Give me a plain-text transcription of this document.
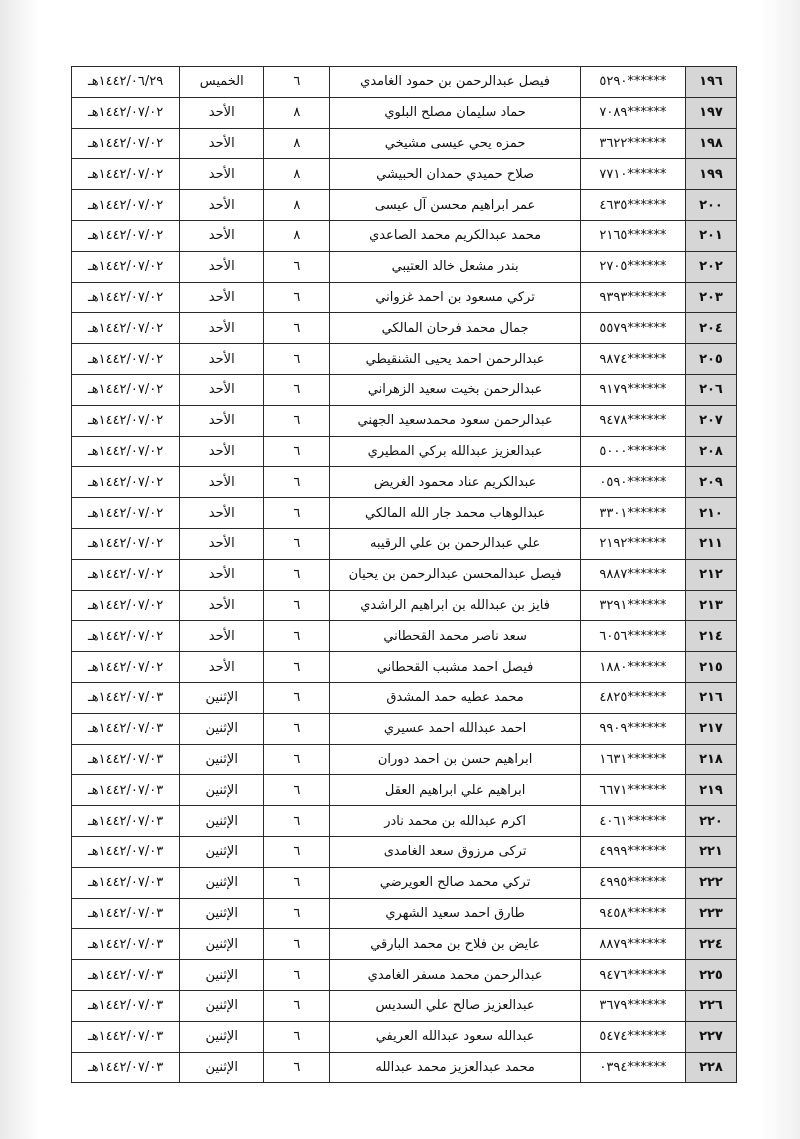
١٩٦	٥٢٩٠******	فيصل عبدالرحمن بن حمود الغامدي	٦	الخميس	١٤٤٢/٠٦/٢٩هـ
١٩٧	٧٠٨٩******	حماد سليمان مصلح البلوي	٨	الأحد	١٤٤٢/٠٧/٠٢هـ
١٩٨	٣٦٢٢******	حمزه يحي عيسى مشيخي	٨	الأحد	١٤٤٢/٠٧/٠٢هـ
١٩٩	٧٧١٠******	صلاح حميدي حمدان الحبيشي	٨	الأحد	١٤٤٢/٠٧/٠٢هـ
٢٠٠	٤٦٣٥******	عمر ابراهيم محسن آل عيسى	٨	الأحد	١٤٤٢/٠٧/٠٢هـ
٢٠١	٢١٦٥******	محمد عبدالكريم محمد الصاعدي	٨	الأحد	١٤٤٢/٠٧/٠٢هـ
٢٠٢	٢٧٠٥******	بندر مشعل خالد العتيبي	٦	الأحد	١٤٤٢/٠٧/٠٢هـ
٢٠٣	٩٣٩٣******	تركي مسعود بن احمد غزواني	٦	الأحد	١٤٤٢/٠٧/٠٢هـ
٢٠٤	٥٥٧٩******	جمال محمد فرحان المالكي	٦	الأحد	١٤٤٢/٠٧/٠٢هـ
٢٠٥	٩٨٧٤******	عبدالرحمن احمد يحيى الشنقيطي	٦	الأحد	١٤٤٢/٠٧/٠٢هـ
٢٠٦	٩١٧٩******	عبدالرحمن بخيت سعيد الزهراني	٦	الأحد	١٤٤٢/٠٧/٠٢هـ
٢٠٧	٩٤٧٨******	عبدالرحمن سعود محمدسعيد الجهني	٦	الأحد	١٤٤٢/٠٧/٠٢هـ
٢٠٨	٥٠٠٠******	عبدالعزيز عبدالله بركي المطيري	٦	الأحد	١٤٤٢/٠٧/٠٢هـ
٢٠٩	٠٥٩٠******	عبدالكريم عناد محمود الغريض	٦	الأحد	١٤٤٢/٠٧/٠٢هـ
٢١٠	٣٣٠١******	عبدالوهاب محمد جار الله المالكي	٦	الأحد	١٤٤٢/٠٧/٠٢هـ
٢١١	٢١٩٢******	علي عبدالرحمن بن علي الرقيبه	٦	الأحد	١٤٤٢/٠٧/٠٢هـ
٢١٢	٩٨٨٧******	فيصل عبدالمحسن عبدالرحمن بن يحيان	٦	الأحد	١٤٤٢/٠٧/٠٢هـ
٢١٣	٣٢٩١******	فايز بن عبدالله بن ابراهيم الراشدي	٦	الأحد	١٤٤٢/٠٧/٠٢هـ
٢١٤	٦٠٥٦******	سعد ناصر محمد القحطاني	٦	الأحد	١٤٤٢/٠٧/٠٢هـ
٢١٥	١٨٨٠******	فيصل احمد مشبب القحطاني	٦	الأحد	١٤٤٢/٠٧/٠٢هـ
٢١٦	٤٨٢٥******	محمد عطيه حمد المشدق	٦	الإثنين	١٤٤٢/٠٧/٠٣هـ
٢١٧	٩٩٠٩******	احمد عبدالله احمد عسيري	٦	الإثنين	١٤٤٢/٠٧/٠٣هـ
٢١٨	١٦٣١******	ابراهيم حسن بن احمد دوران	٦	الإثنين	١٤٤٢/٠٧/٠٣هـ
٢١٩	٦٦٧١******	ابراهيم علي ابراهيم العقل	٦	الإثنين	١٤٤٢/٠٧/٠٣هـ
٢٢٠	٤٠٦١******	اكرم عبدالله بن محمد نادر	٦	الإثنين	١٤٤٢/٠٧/٠٣هـ
٢٢١	٤٩٩٩******	تركى مرزوق سعد الغامدى	٦	الإثنين	١٤٤٢/٠٧/٠٣هـ
٢٢٢	٤٩٩٥******	تركي محمد صالح العويرضي	٦	الإثنين	١٤٤٢/٠٧/٠٣هـ
٢٢٣	٩٤٥٨******	طارق احمد سعيد الشهري	٦	الإثنين	١٤٤٢/٠٧/٠٣هـ
٢٢٤	٨٨٧٩******	عايض بن فلاح بن محمد البارقي	٦	الإثنين	١٤٤٢/٠٧/٠٣هـ
٢٢٥	٩٤٧٦******	عبدالرحمن محمد مسفر الغامدي	٦	الإثنين	١٤٤٢/٠٧/٠٣هـ
٢٢٦	٣٦٧٩******	عبدالعزيز صالح علي السديس	٦	الإثنين	١٤٤٢/٠٧/٠٣هـ
٢٢٧	٥٤٧٤******	عبدالله سعود عبدالله العريفي	٦	الإثنين	١٤٤٢/٠٧/٠٣هـ
٢٢٨	٠٣٩٤******	محمد عبدالعزيز محمد عبدالله	٦	الإثنين	١٤٤٢/٠٧/٠٣هـ
